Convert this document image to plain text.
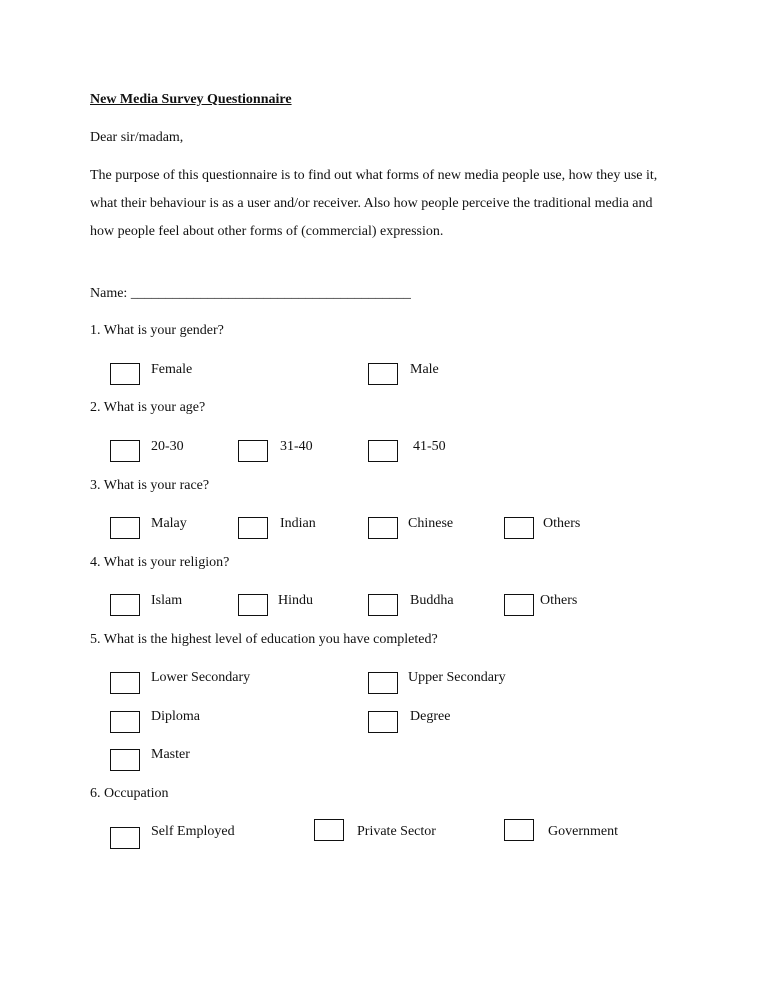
New Media Survey Questionnaire
Dear sir/madam,
The purpose of this questionnaire is to find out what forms of new media people use, how they use it,
what their behaviour is as a user and/or receiver. Also how people perceive the traditional media and
how people feel about other forms of (commercial) expression.
Name: ________________________________________
1. What is your gender?
Female	Male
2. What is your age?
20-30	31-40	41-50
3. What is your race?
Malay	Indian	Chinese	Others
4. What is your religion?
Islam	Hindu	Buddha	Others
5. What is the highest level of education you have completed?
Lower Secondary	Upper Secondary
Diploma	Degree
Master
6. Occupation
Self Employed	Private Sector	Government
